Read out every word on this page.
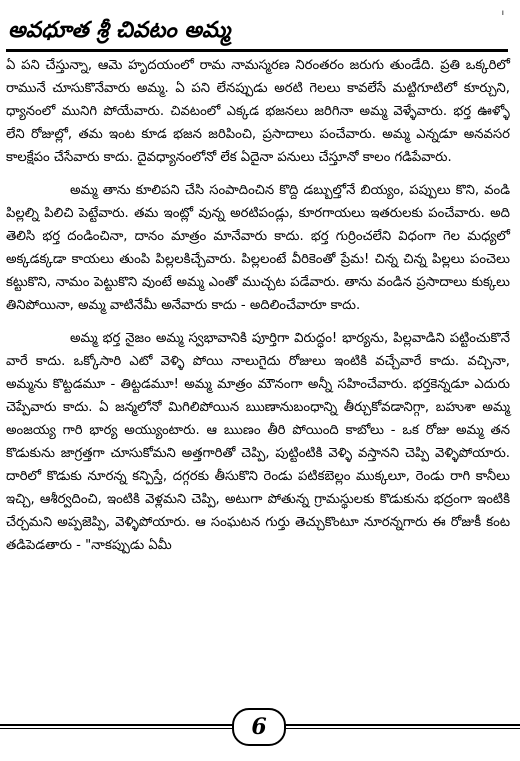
అవధూత శ్రీ చివటం అమ్మ
ı

ఏ పని చేస్తున్నా, ఆమె హృదయంలో రామ నామస్మరణ నిరంతరం జరుగు తుండేది. ప్రతి ఒక్కరిలో రామునే చూసుకొనేవారు అమ్మ. ఏ పని లేనప్పుడు అరటి గెలలు కావలేసే మట్టిగూటిలో కూర్చుని, ధ్యానంలో మునిగి పోయేవారు. చివటంలో ఎక్కడ భజనలు జరిగినా అమ్మ వెళ్ళేవారు. భర్త ఊళ్ళో లేని రోజుల్లో, తమ ఇంట కూడ భజన జరిపించి, ప్రసాదాలు పంచేవారు. అమ్మ ఎన్నడూ అనవసర కాలక్షేపం చేసేవారు కాదు. దైవధ్యానంలోనో లేక ఏదైనా పనులు చేస్తూనో కాలం గడిపేవారు.

అమ్మ తాను కూలిపని చేసి సంపాదించిన కొద్ది డబ్బుల్తోనే బియ్యం, పప్పులు కొని, వండి పిల్లల్ని పిలిచి పెట్టేవారు. తమ ఇంట్లో వున్న అరటిపండ్లు, కూరగాయలు ఇతరులకు పంచేవారు. అది తెలిసి భర్త దండించినా, దానం మాత్రం మానేవారు కాదు. భర్త గుర్రించలేని విధంగా గెల మధ్యలో అక్కడక్కడా కాయలు తుంపి పిల్లలకిచ్చేవారు. పిల్లలంటే వీరికెంతో ప్రేమ! చిన్న చిన్న పిల్లలు పంచెలు కట్టుకొని, నామం పెట్టుకొని వుంటే అమ్మ ఎంతో ముచ్చట పడేవారు. తాను వండిన ప్రసాదాలు కుక్కలు తినిపోయినా, అమ్మ వాటినేమీ అనేవారు కాదు - అదిలించేవారూ కాదు.

అమ్మ భర్త నైజం అమ్మ స్వభావానికి పూర్తిగా విరుద్ధం! భార్యను, పిల్లవాడిని పట్టించుకొనే వారే కాదు. ఒక్కోసారి ఎటో వెళ్ళి పోయి నాలుగైదు రోజులు ఇంటికి వచ్చేవారే కాదు. వచ్చినా, అమ్మను కొట్టడమూ - తిట్టడమూ! అమ్మ మాత్రం మౌనంగా అన్నీ సహించేవారు. భర్తకెన్నడూ ఎదురు చెప్పేవారు కాదు. ఏ జన్మలోనో మిగిలిపోయిన ఋణానుబంధాన్ని తీర్చుకోవడానిగ్గా, బహుశా అమ్మ అంజయ్య గారి భార్య అయ్యుంటారు. ఆ ఋణం తీరి పోయింది కాబోలు - ఒక రోజు అమ్మ తన కొడుకును జాగ్రత్తగా చూసుకోమని అత్తగారితో చెప్పి, పుట్టింటికి వెళ్ళి వస్తానని చెప్పి వెళ్ళిపోయారు. దారిలో కొడుకు నూరన్న కన్పిస్తే, దగ్గరకు తీసుకొని రెండు పటికబెల్లం ముక్కలూ, రెండు రాగి కానీలు ఇచ్చి, ఆశీర్వదించి, ఇంటికి వెళ్లమని చెప్పి, అటుగా పోతున్న గ్రామస్థులకు కొడుకును భద్రంగా ఇంటికి చేర్చమని అప్పజెప్పి, వెళ్ళిపోయారు. ఆ సంఘటన గుర్తు తెచ్చుకొంటూ నూరన్నగారు ఈ రోజుకీ కంట తడిపెడతారు - "నాకప్పుడు ఏమీ

6
